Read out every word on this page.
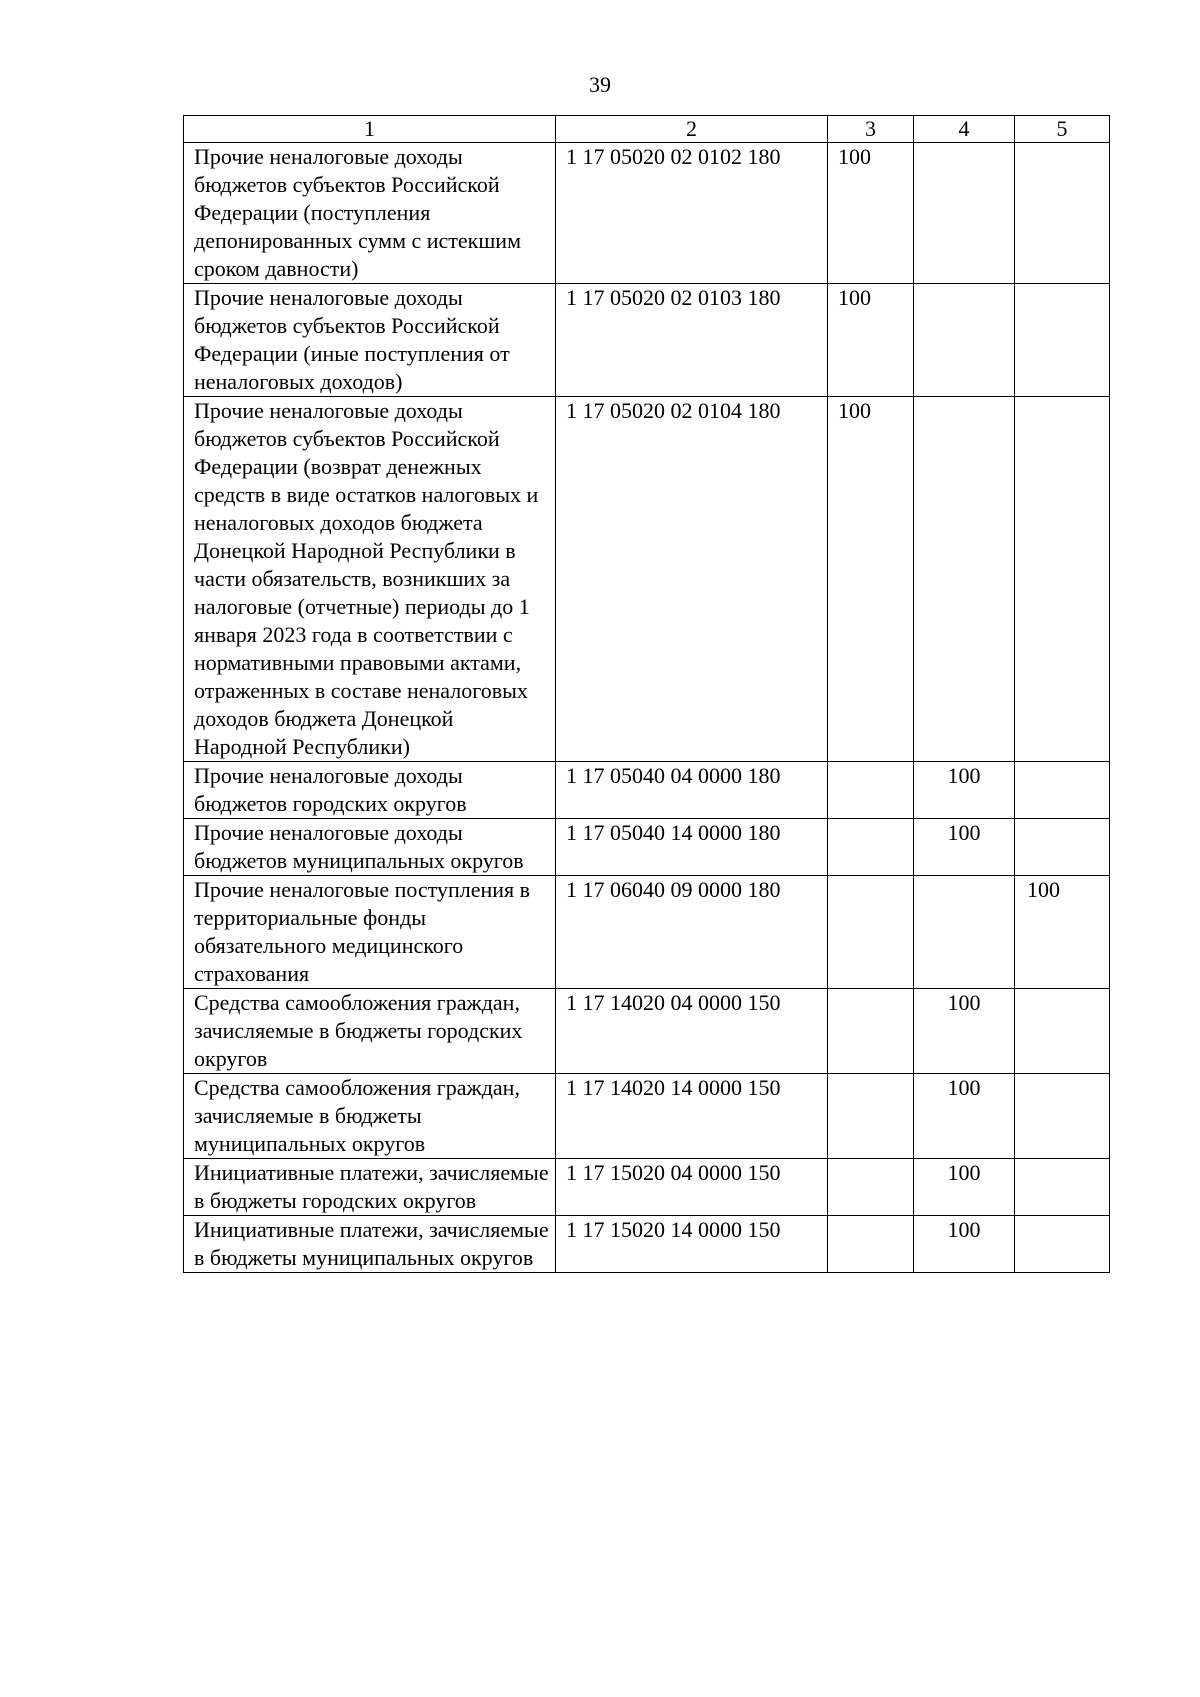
39
1	2	3	4	5
Прочие неналоговые доходы бюджетов субъектов Российской Федерации (поступления депонированных сумм с истекшим сроком давности)	1 17 05020 02 0102 180	100		
Прочие неналоговые доходы бюджетов субъектов Российской Федерации (иные поступления от неналоговых доходов)	1 17 05020 02 0103 180	100		
Прочие неналоговые доходы бюджетов субъектов Российской Федерации (возврат денежных средств в виде остатков налоговых и неналоговых доходов бюджета Донецкой Народной Республики в части обязательств, возникших за налоговые (отчетные) периоды до 1 января 2023 года в соответствии с нормативными правовыми актами, отраженных в составе неналоговых доходов бюджета Донецкой Народной Республики)	1 17 05020 02 0104 180	100		
Прочие неналоговые доходы бюджетов городских округов	1 17 05040 04 0000 180		100	
Прочие неналоговые доходы бюджетов муниципальных округов	1 17 05040 14 0000 180		100	
Прочие неналоговые поступления в территориальные фонды обязательного медицинского страхования	1 17 06040 09 0000 180			100
Средства самообложения граждан, зачисляемые в бюджеты городских округов	1 17 14020 04 0000 150		100	
Средства самообложения граждан, зачисляемые в бюджеты муниципальных округов	1 17 14020 14 0000 150		100	
Инициативные платежи, зачисляемые в бюджеты городских округов	1 17 15020 04 0000 150		100	
Инициативные платежи, зачисляемые в бюджеты муниципальных округов	1 17 15020 14 0000 150		100	
